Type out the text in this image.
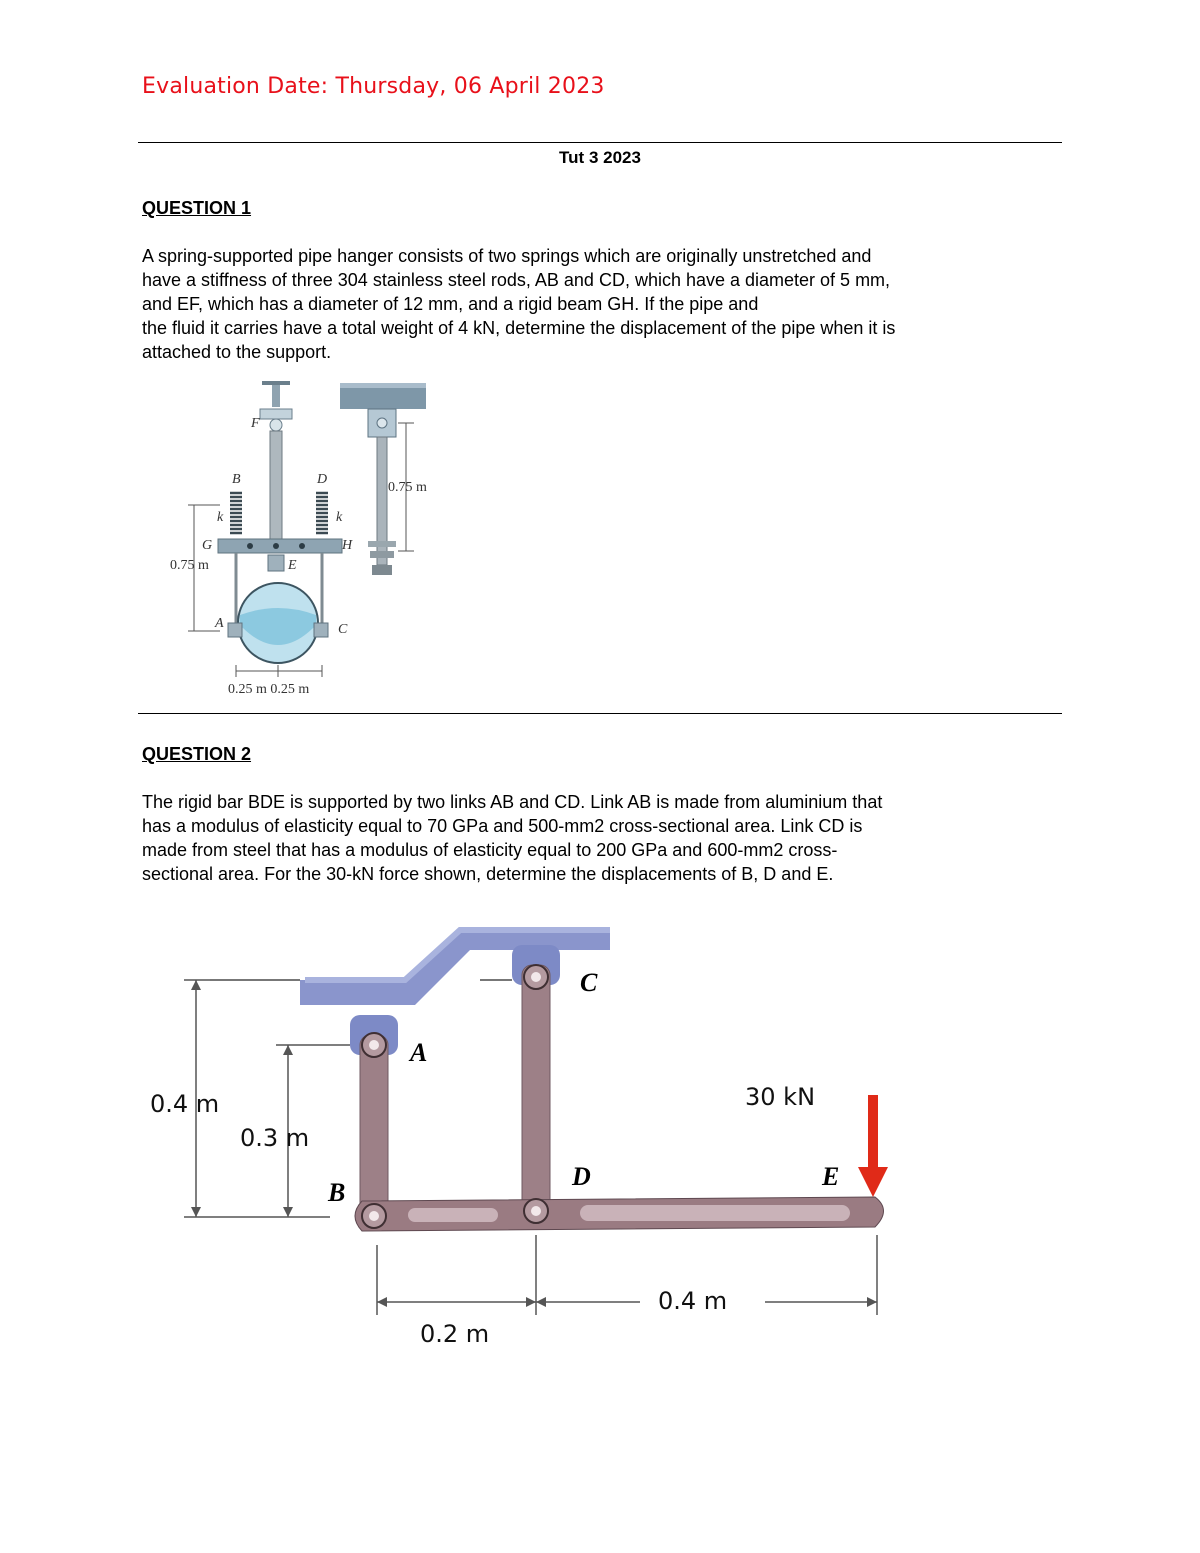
Evaluation Date: Thursday, 06 April 2023
Tut 3 2023
QUESTION 1
A spring-supported pipe hanger consists of two springs which are originally unstretched and
have a stiffness of three 304 stainless steel rods, AB and CD, which have a diameter of 5 mm,
and EF, which has a diameter of 12 mm, and a rigid beam GH. If the pipe and
the fluid it carries have a total weight of 4 kN, determine the displacement of the pipe when it is
attached to the support.
F
B	D
k	k
G	H
E
A	C
0.75 m
0.75 m
0.25 m 0.25 m
QUESTION 2
The rigid bar BDE is supported by two links AB and CD. Link AB is made from aluminium that
has a modulus of elasticity equal to 70 GPa and 500-mm2 cross-sectional area. Link CD is
made from steel that has a modulus of elasticity equal to 200 GPa and 600-mm2 cross-
sectional area. For the 30-kN force shown, determine the displacements of B, D and E.
C
A
B
D	E
30 kN
0.4 m
0.3 m
0.2 m
0.4 m
